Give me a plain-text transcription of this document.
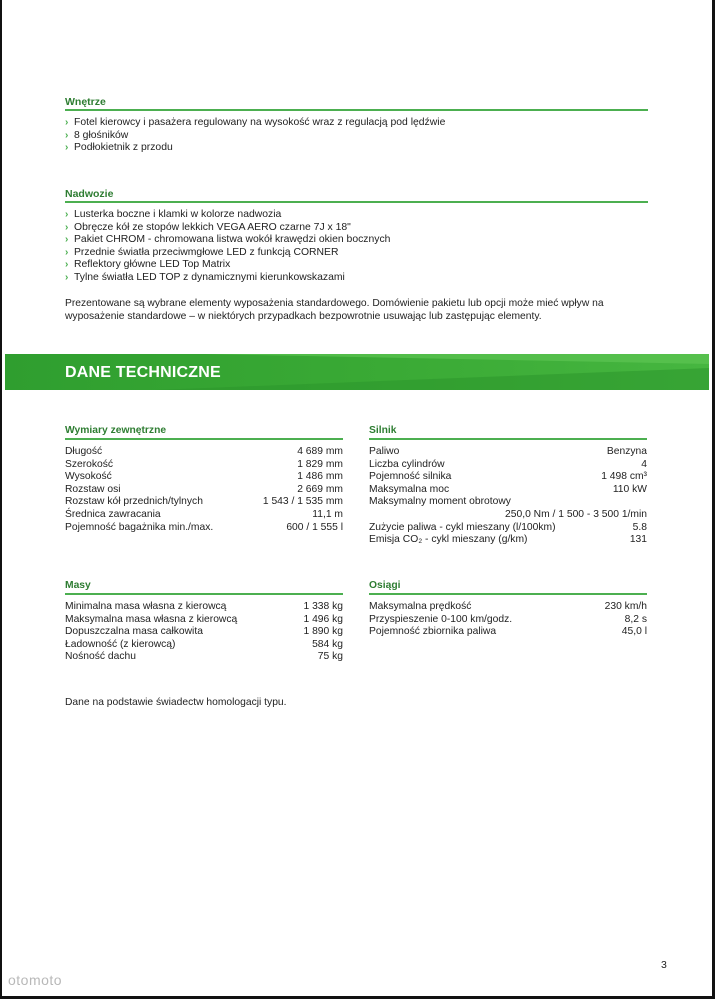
Wnętrze
› Fotel kierowcy i pasażera regulowany na wysokość wraz z regulacją pod lędźwie
› 8 głośników
› Podłokietnik z przodu
Nadwozie
› Lusterka boczne i klamki w kolorze nadwozia
› Obręcze kół ze stopów lekkich VEGA AERO czarne 7J x 18"
› Pakiet CHROM - chromowana listwa wokół krawędzi okien bocznych
› Przednie światła przeciwmgłowe LED z funkcją CORNER
› Reflektory główne LED Top Matrix
› Tylne światła LED TOP z dynamicznymi kierunkowskazami
Prezentowane są wybrane elementy wyposażenia standardowego. Domówienie pakietu lub opcji może mieć wpływ na
wyposażenie standardowe – w niektórych przypadkach bezpowrotnie usuwając lub zastępując elementy.
DANE TECHNICZNE
Wymiary zewnętrzne
Długość	4 689 mm
Szerokość	1 829 mm
Wysokość	1 486 mm
Rozstaw osi	2 669 mm
Rozstaw kół przednich/tylnych	1 543 / 1 535 mm
Średnica zawracania	11,1 m
Pojemność bagażnika min./max.	600 / 1 555 l
Silnik
Paliwo	Benzyna
Liczba cylindrów	4
Pojemność silnika	1 498 cm³
Maksymalna moc	110 kW
Maksymalny moment obrotowy
250,0 Nm / 1 500 - 3 500 1/min
Zużycie paliwa - cykl mieszany (l/100km)	5.8
Emisja CO₂ - cykl mieszany (g/km)	131
Masy
Minimalna masa własna z kierowcą	1 338 kg
Maksymalna masa własna z kierowcą	1 496 kg
Dopuszczalna masa całkowita	1 890 kg
Ładowność (z kierowcą)	584 kg
Nośność dachu	75 kg
Osiągi
Maksymalna prędkość	230 km/h
Przyspieszenie 0-100 km/godz.	8,2 s
Pojemność zbiornika paliwa	45,0 l
Dane na podstawie świadectw homologacji typu.
3
otomoto
